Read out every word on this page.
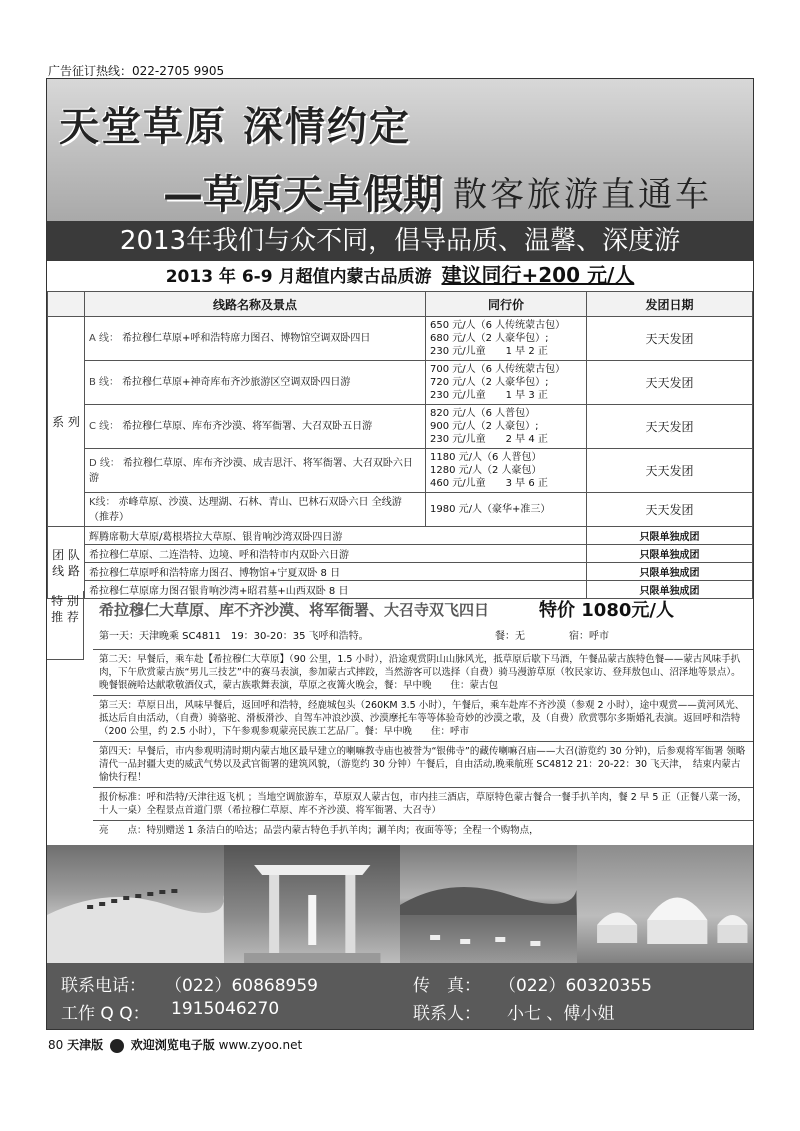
广告征订热线：022-2705 9905
天堂草原 深情约定
—草原天卓假期 散客旅游直通车
2013年我们与众不同，倡导品质、温馨、深度游
2013 年 6-9 月超值内蒙古品质游 建议同行+200 元/人
	线路名称及景点	同行价	发团日期
系 列	A 线： 希拉穆仁草原+呼和浩特席力图召、博物馆空调双卧四日	650 元/人（6 人传统蒙古包）
680 元/人（2 人豪华包）;
230 元/儿童　　1 早 2 正	天天发团
	B 线： 希拉穆仁草原+神奇库布齐沙旅游区空调双卧四日游	700 元/人（6 人传统蒙古包）
720 元/人（2 人豪华包）;
230 元/儿童　　1 早 3 正	天天发团
	C 线： 希拉穆仁草原、库布齐沙漠、将军衙署、大召双卧五日游	820 元/人（6 人普包）
900 元/人（2 人豪包）;
230 元/儿童　　2 早 4 正	天天发团
	D 线： 希拉穆仁草原、库布齐沙漠、成吉思汗、将军衙署、大召双卧六日游	1180 元/人（6 人普包）
1280 元/人（2 人豪包）
460 元/儿童　　3 早 6 正	天天发团
	K线： 赤峰草原、沙漠、达理湖、石林、青山、巴林石双卧六日 全线游（推荐）	1980 元/人（豪华+准三）	天天发团
团 队 线 路	辉腾席勒大草原/葛根塔拉大草原、银肯响沙湾双卧四日游		只限单独成团
	希拉穆仁草原、二连浩特、边境、呼和浩特市内双卧六日游		只限单独成团
	希拉穆仁草原呼和浩特席力图召、博物馆+宁夏双卧 8 日		只限单独成团
	希拉穆仁草原席力图召银肯响沙湾+昭君墓+山西双卧 8 日		只限单独成团
特 别 推 荐	希拉穆仁大草原、库不齐沙漠、将军衙署、大召寺双飞四日	特价 1080元/人
第一天：天津晚乘 SC4811　19：30-20：35 飞呼和浩特。	餐：无	宿：呼市
第二天：早餐后，乘车赴【希拉穆仁大草原】（90 公里，1.5 小时），沿途观赏阴山山脉风光，抵草原后歇下马酒，午餐品蒙古族特色餐——蒙古风味手扒肉，下午欣赏蒙古族“男儿三技艺”中的赛马表演，参加蒙古式摔跤，当然游客可以选择（自费）骑马漫游草原（牧民家访、登拜敖包山、沼泽地等景点）。晚餐银碗哈达献歌敬酒仪式，蒙古族歌舞表演，草原之夜篝火晚会，餐：早中晚　　住：蒙古包
第三天：草原日出，风味早餐后，返回呼和浩特，经鹿城包头（260KM 3.5 小时），午餐后，乘车赴库不齐沙漠（参观 2 小时），途中观赏——黄河风光、抵达后自由活动，（自费）骑骆驼、滑板滑沙、自驾车冲浪沙漠、沙漠摩托车等等体验奇妙的沙漠之歌，及（自费）欣赏鄂尔多斯婚礼表演。返回呼和浩特（200 公里，约 2.5 小时），下午参观参观蒙亮民族工艺品厂。餐：早中晚　　住：呼市
第四天：早餐后，市内参观明清时期内蒙古地区最早建立的喇嘛教寺庙也被誉为“银佛寺”的藏传喇嘛召庙——大召(游览约 30 分钟)，后参观将军衙署 领略清代一品封疆大吏的威武气势以及武官衙署的建筑风貌，（游览约 30 分钟）午餐后，自由活动,晚乘航班 SC4812 21：20-22：30 飞天津，　结束内蒙古愉快行程！
报价标准：呼和浩特/天津往返飞机 ；当地空调旅游车，草原双人蒙古包，市内挂三酒店，草原特色蒙古餐合一餐手扒羊肉，餐 2 早 5 正（正餐八菜一汤，十人一桌）全程景点首道门票（希拉穆仁草原、库不齐沙漠、将军衙署、大召寺）
亮　　点：特别赠送 1 条洁白的哈达；品尝内蒙古特色手扒羊肉；涮羊肉；夜面等等；全程一个购物点，
联系电话： （022）60868959	传　真： （022）60320355
工作 Q Q： 1915046270	联系人： 小七 、傅小姐
80 天津版 欢迎浏览电子版 www.zyoo.net
